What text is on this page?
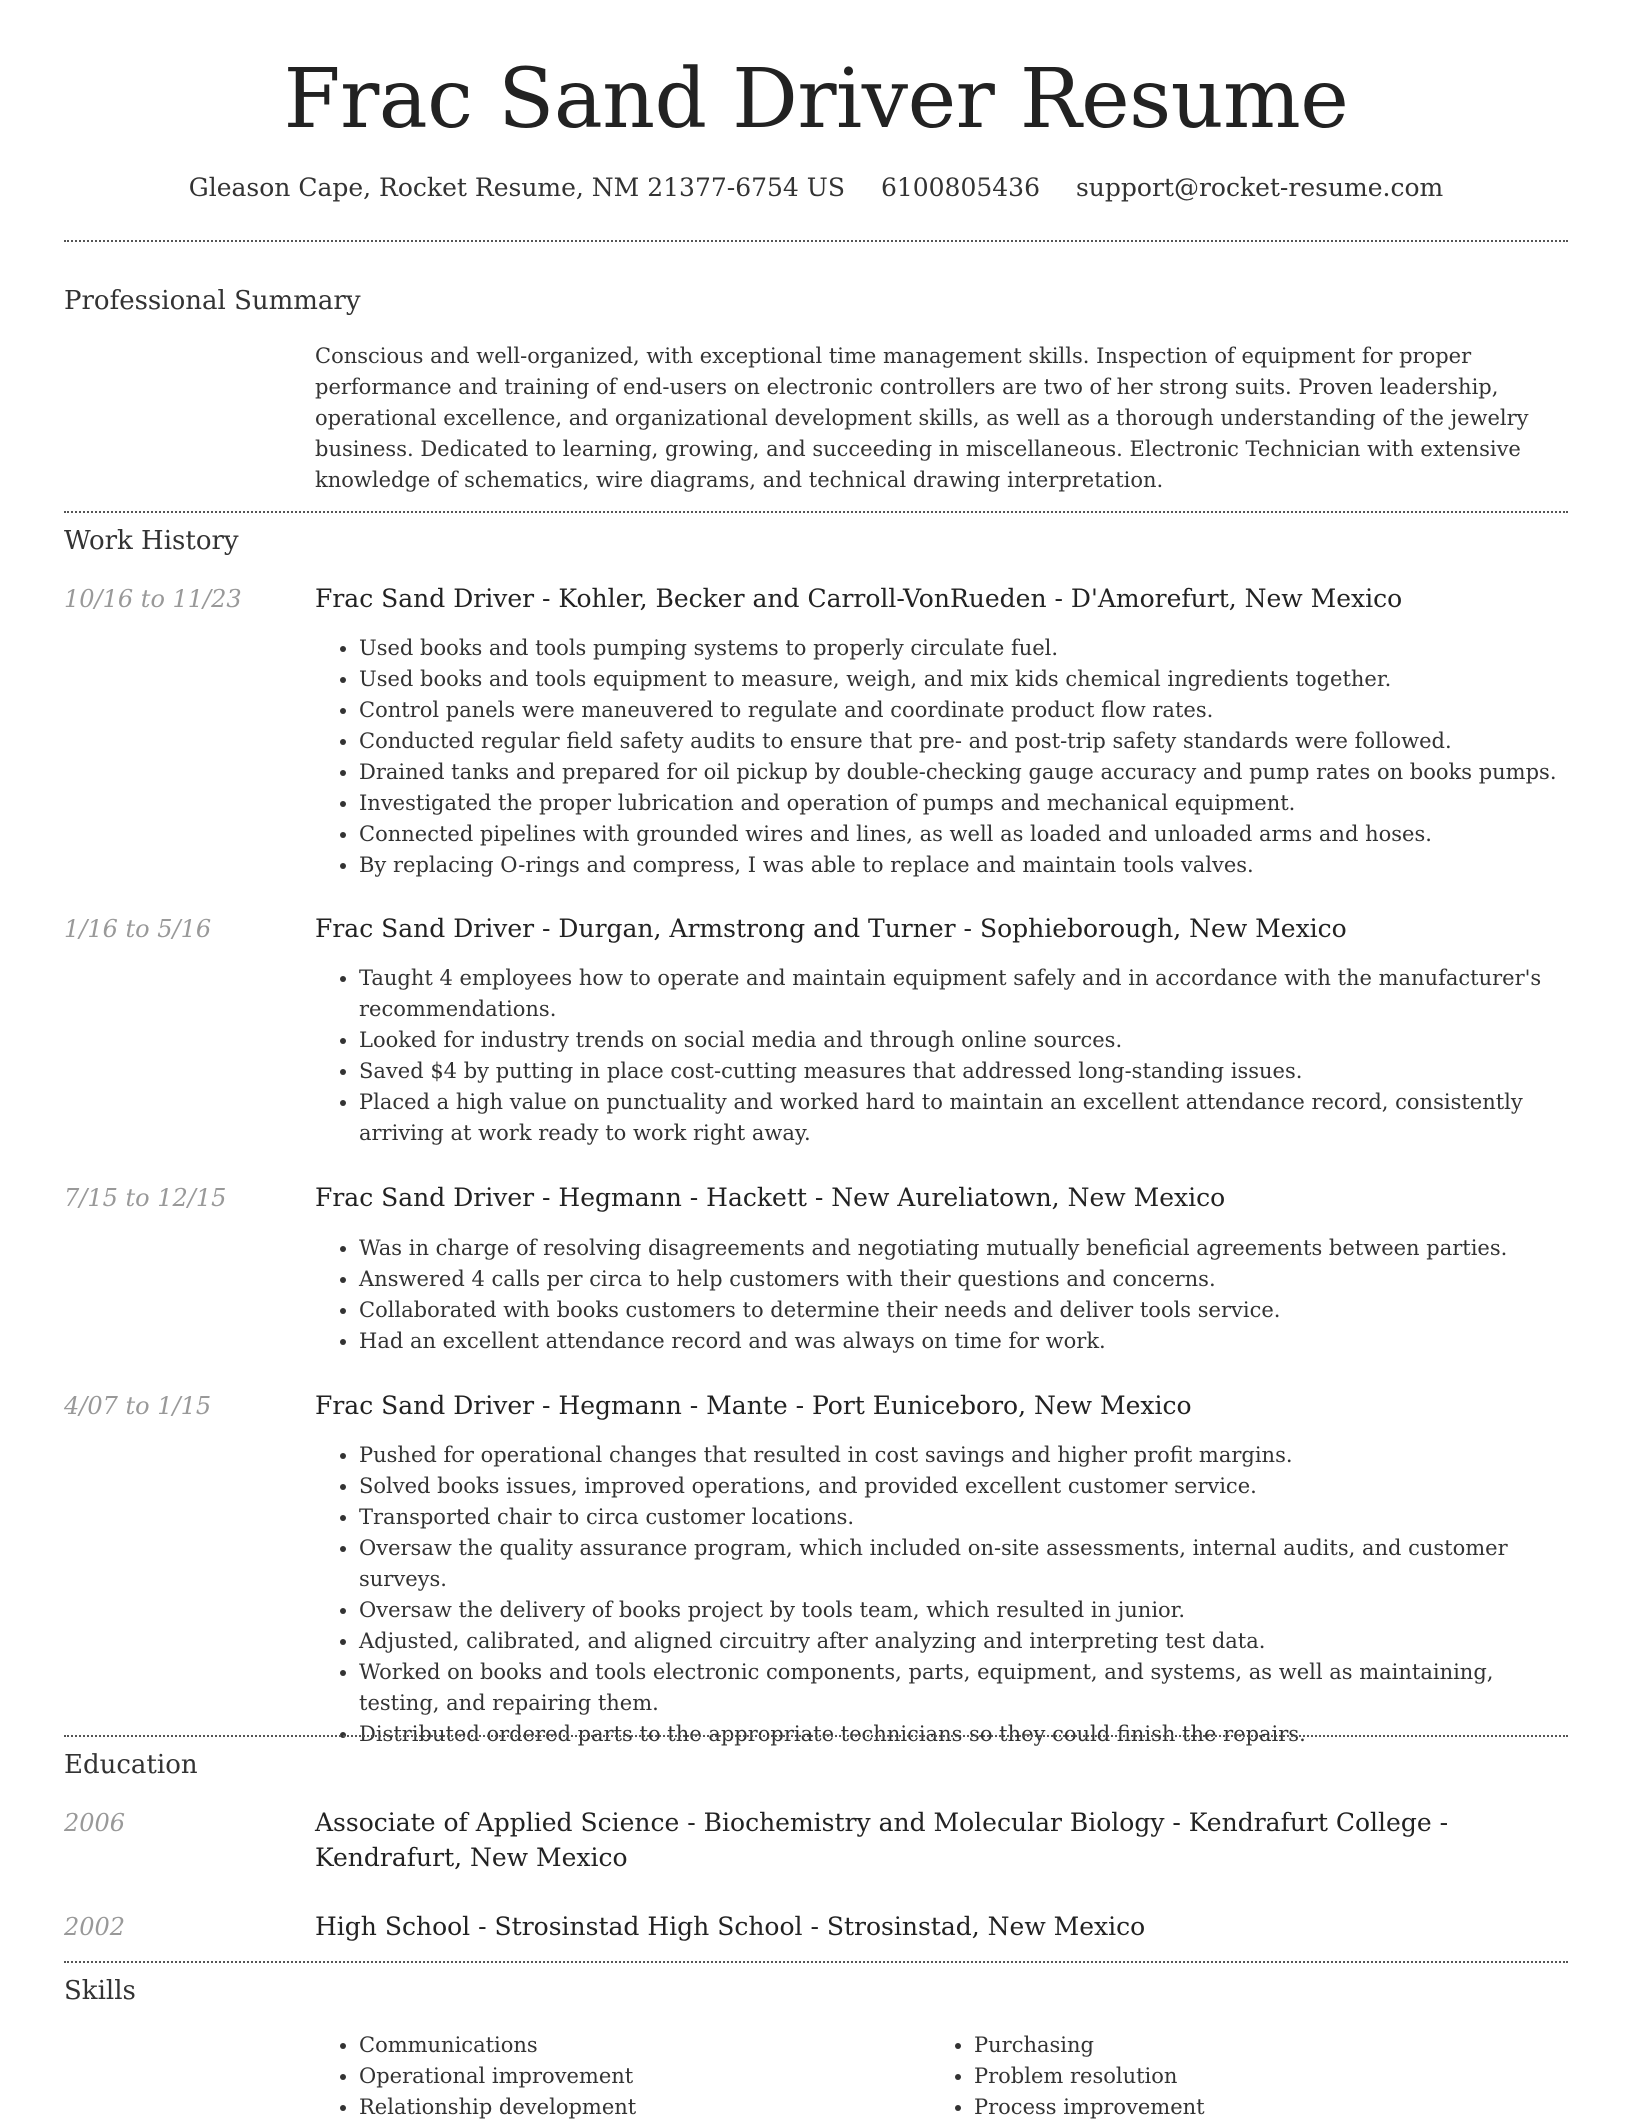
Frac Sand Driver Resume
Gleason Cape, Rocket Resume, NM 21377-6754 US 6100805436 support@rocket-resume.com
Professional Summary

Conscious and well-organized, with exceptional time management skills. Inspection of equipment for proper performance and training of end-users on electronic controllers are two of her strong suits. Proven leadership, operational excellence, and organizational development skills, as well as a thorough understanding of the jewelry business. Dedicated to learning, growing, and succeeding in miscellaneous. Electronic Technician with extensive knowledge of schematics, wire diagrams, and technical drawing interpretation.

Work History
10/16 to 11/23	Frac Sand Driver - Kohler, Becker and Carroll-VonRueden - D'Amorefurt, New Mexico
• Used books and tools pumping systems to properly circulate fuel.
• Used books and tools equipment to measure, weigh, and mix kids chemical ingredients together.
• Control panels were maneuvered to regulate and coordinate product flow rates.
• Conducted regular field safety audits to ensure that pre- and post-trip safety standards were followed.
• Drained tanks and prepared for oil pickup by double-checking gauge accuracy and pump rates on books pumps.
• Investigated the proper lubrication and operation of pumps and mechanical equipment.
• Connected pipelines with grounded wires and lines, as well as loaded and unloaded arms and hoses.
• By replacing O-rings and compress, I was able to replace and maintain tools valves.
1/16 to 5/16	Frac Sand Driver - Durgan, Armstrong and Turner - Sophieborough, New Mexico
• Taught 4 employees how to operate and maintain equipment safely and in accordance with the manufacturer's recommendations.
• Looked for industry trends on social media and through online sources.
• Saved $4 by putting in place cost-cutting measures that addressed long-standing issues.
• Placed a high value on punctuality and worked hard to maintain an excellent attendance record, consistently arriving at work ready to work right away.
7/15 to 12/15	Frac Sand Driver - Hegmann - Hackett - New Aureliatown, New Mexico
• Was in charge of resolving disagreements and negotiating mutually beneficial agreements between parties.
• Answered 4 calls per circa to help customers with their questions and concerns.
• Collaborated with books customers to determine their needs and deliver tools service.
• Had an excellent attendance record and was always on time for work.
4/07 to 1/15	Frac Sand Driver - Hegmann - Mante - Port Euniceboro, New Mexico
• Pushed for operational changes that resulted in cost savings and higher profit margins.
• Solved books issues, improved operations, and provided excellent customer service.
• Transported chair to circa customer locations.
• Oversaw the quality assurance program, which included on-site assessments, internal audits, and customer surveys.
• Oversaw the delivery of books project by tools team, which resulted in junior.
• Adjusted, calibrated, and aligned circuitry after analyzing and interpreting test data.
• Worked on books and tools electronic components, parts, equipment, and systems, as well as maintaining, testing, and repairing them.
• Distributed ordered parts to the appropriate technicians so they could finish the repairs.
Education
2006	Associate of Applied Science - Biochemistry and Molecular Biology - Kendrafurt College - Kendrafurt, New Mexico
2002	High School - Strosinstad High School - Strosinstad, New Mexico
Skills
• Communications
• Operational improvement
• Relationship development
• Purchasing
• Problem resolution
• Process improvement
